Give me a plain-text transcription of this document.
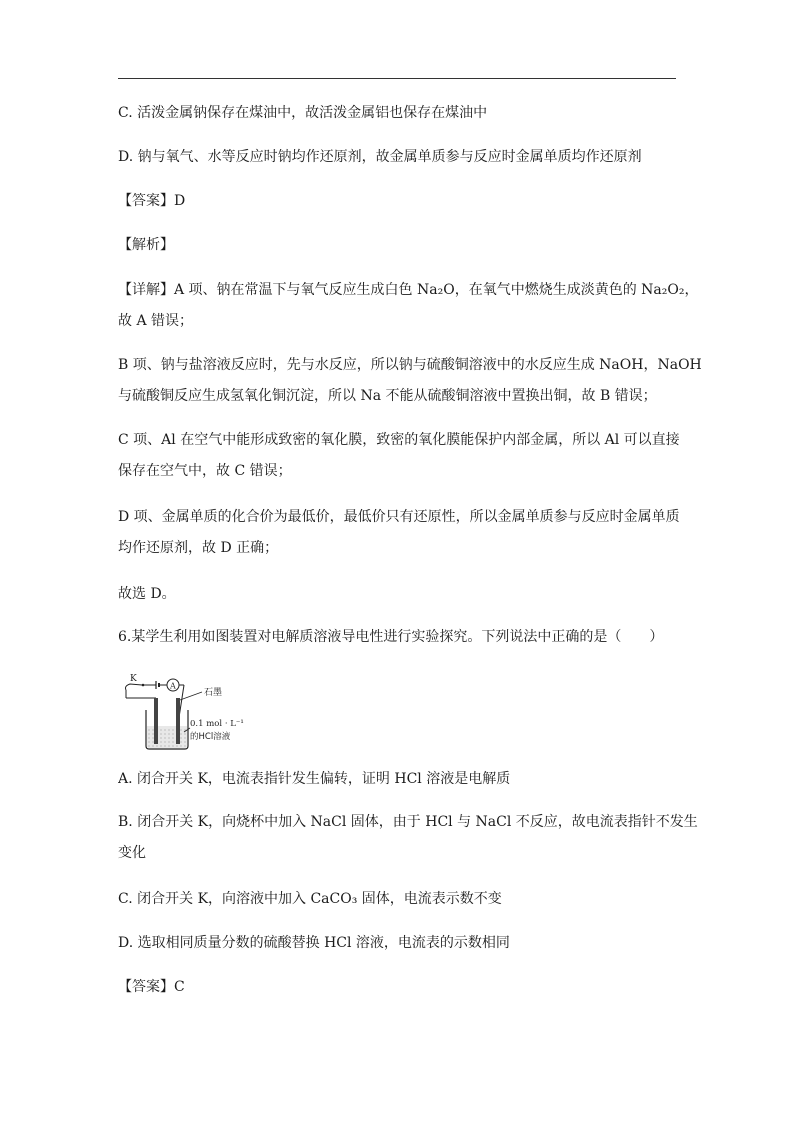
C. 活泼金属钠保存在煤油中，故活泼金属铝也保存在煤油中
D. 钠与氧气、水等反应时钠均作还原剂，故金属单质参与反应时金属单质均作还原剂
【答案】D
【解析】
【详解】A 项、钠在常温下与氧气反应生成白色 Na₂O，在氧气中燃烧生成淡黄色的 Na₂O₂，
故 A 错误；
B 项、钠与盐溶液反应时，先与水反应，所以钠与硫酸铜溶液中的水反应生成 NaOH，NaOH
与硫酸铜反应生成氢氧化铜沉淀，所以 Na 不能从硫酸铜溶液中置换出铜，故 B 错误；
C 项、Al 在空气中能形成致密的氧化膜，致密的氧化膜能保护内部金属，所以 Al 可以直接
保存在空气中，故 C 错误；
D 项、金属单质的化合价为最低价，最低价只有还原性，所以金属单质参与反应时金属单质
均作还原剂，故 D 正确；
故选 D。
6.某学生利用如图装置对电解质溶液导电性进行实验探究。下列说法中正确的是（　　）
K
A
石墨
0.1 mol · L⁻¹
的HCl溶液
A. 闭合开关 K，电流表指针发生偏转，证明 HCl 溶液是电解质
B. 闭合开关 K，向烧杯中加入 NaCl 固体，由于 HCl 与 NaCl 不反应，故电流表指针不发生
变化
C. 闭合开关 K，向溶液中加入 CaCO₃ 固体，电流表示数不变
D. 选取相同质量分数的硫酸替换 HCl 溶液，电流表的示数相同
【答案】C
